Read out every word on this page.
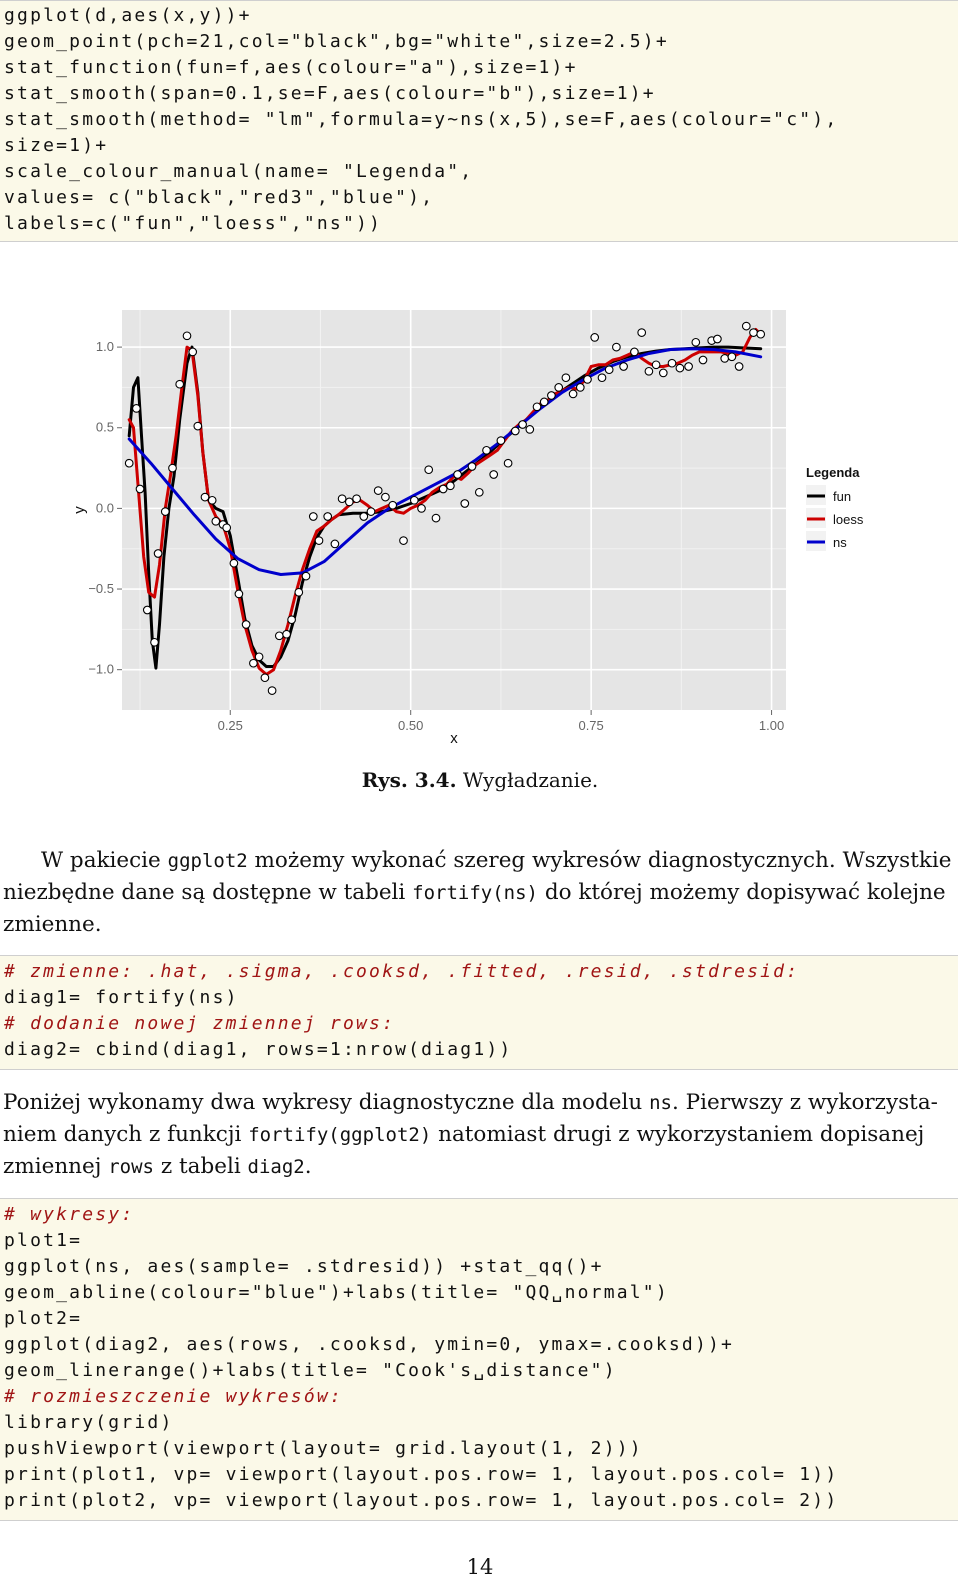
ggplot(d,aes(x,y))+
geom_point(pch=21,col="black",bg="white",size=2.5)+
stat_function(fun=f,aes(colour="a"),size=1)+
stat_smooth(span=0.1,se=F,aes(colour="b"),size=1)+
stat_smooth(method= "lm",formula=y~ns(x,5),se=F,aes(colour="c"),
size=1)+
scale_colour_manual(name= "Legenda",
values= c("black","red3","blue"),
labels=c("fun","loess","ns"))
1.0
0.5
0.0
−0.5
−1.0
0.25	0.50	0.75	1.00
x
y
Legenda
fun
loess
ns
Rys. 3.4. Wygładzanie.
W pakiecie ggplot2 możemy wykonać szereg wykresów diagnostycznych. Wszystkie
niezbędne dane są dostępne w tabeli fortify(ns) do której możemy dopisywać kolejne
zmienne.
# zmienne: .hat, .sigma, .cooksd, .fitted, .resid, .stdresid:
diag1= fortify(ns)
# dodanie nowej zmiennej rows:
diag2= cbind(diag1, rows=1:nrow(diag1))
Poniżej wykonamy dwa wykresy diagnostyczne dla modelu ns. Pierwszy z wykorzysta-
niem danych z funkcji fortify(ggplot2) natomiast drugi z wykorzystaniem dopisanej
zmiennej rows z tabeli diag2.
# wykresy:
plot1=
ggplot(ns, aes(sample= .stdresid)) +stat_qq()+
geom_abline(colour="blue")+labs(title= "QQ␣normal")
plot2=
ggplot(diag2, aes(rows, .cooksd, ymin=0, ymax=.cooksd))+
geom_linerange()+labs(title= "Cook's␣distance")
# rozmieszczenie wykresów:
library(grid)
pushViewport(viewport(layout= grid.layout(1, 2)))
print(plot1, vp= viewport(layout.pos.row= 1, layout.pos.col= 1))
print(plot2, vp= viewport(layout.pos.row= 1, layout.pos.col= 2))
14
